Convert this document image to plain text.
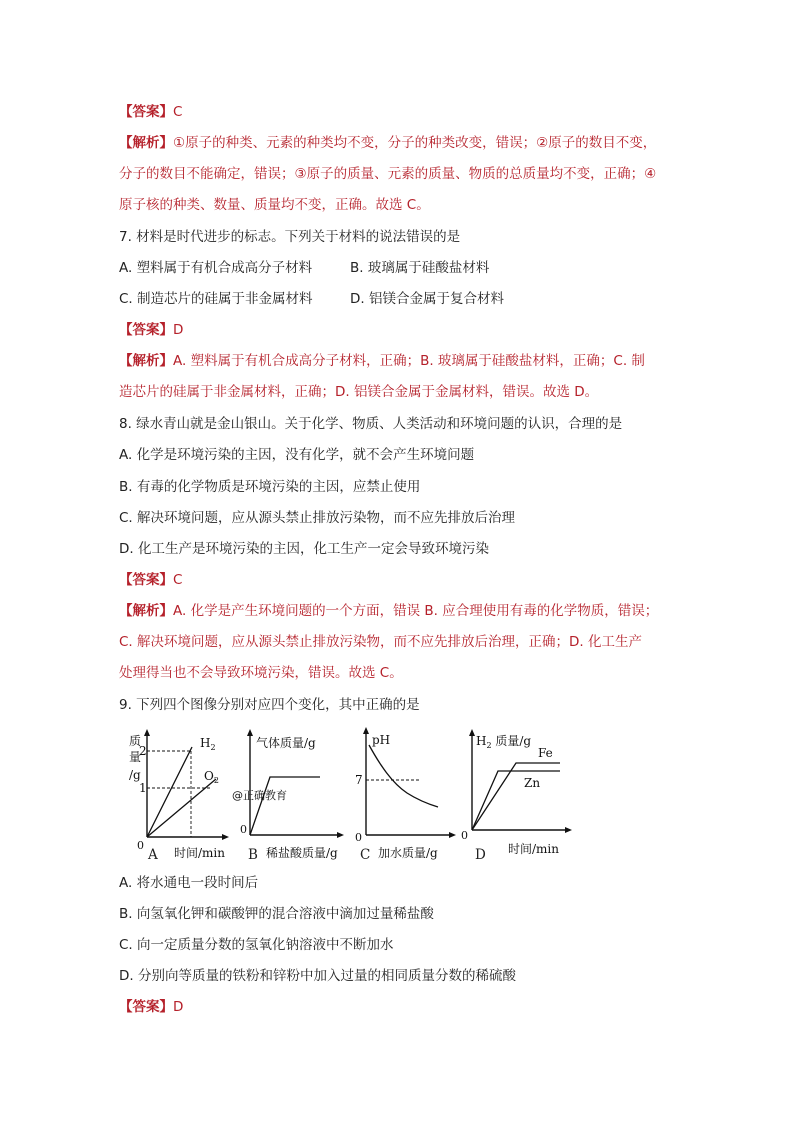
【答案】C
【解析】①原子的种类、元素的种类均不变，分子的种类改变，错误；②原子的数目不变，
分子的数目不能确定，错误；③原子的质量、元素的质量、物质的总质量均不变，正确；④
原子核的种类、数量、质量均不变，正确。故选 C。
7. 材料是时代进步的标志。下列关于材料的说法错误的是
A. 塑料属于有机合成高分子材料	B. 玻璃属于硅酸盐材料
C. 制造芯片的硅属于非金属材料	D. 铝镁合金属于复合材料
【答案】D
【解析】A. 塑料属于有机合成高分子材料，正确；B. 玻璃属于硅酸盐材料，正确；C. 制
造芯片的硅属于非金属材料，正确；D. 铝镁合金属于金属材料，错误。故选 D。
8. 绿水青山就是金山银山。关于化学、物质、人类活动和环境问题的认识，合理的是
A. 化学是环境污染的主因，没有化学，就不会产生环境问题
B. 有毒的化学物质是环境污染的主因，应禁止使用
C. 解决环境问题，应从源头禁止排放污染物，而不应先排放后治理
D. 化工生产是环境污染的主因，化工生产一定会导致环境污染
【答案】C
【解析】A. 化学是产生环境问题的一个方面，错误 B. 应合理使用有毒的化学物质，错误；
C. 解决环境问题，应从源头禁止排放污染物，而不应先排放后治理，正确；D. 化工生产
处理得当也不会导致环境污染，错误。故选 C。
9. 下列四个图像分别对应四个变化，其中正确的是
质
量
/g
2
1
0
时间/min
$H_2$
$O_2$
A
气体质量/g
@正确教育
0
稀盐酸质量/g
B
pH
7
0
加水质量/g
C
$H_2$ 质量/g
Fe
Zn
0
时间/min
D
A. 将水通电一段时间后
B. 向氢氧化钾和碳酸钾的混合溶液中滴加过量稀盐酸
C. 向一定质量分数的氢氧化钠溶液中不断加水
D. 分别向等质量的铁粉和锌粉中加入过量的相同质量分数的稀硫酸
【答案】D
